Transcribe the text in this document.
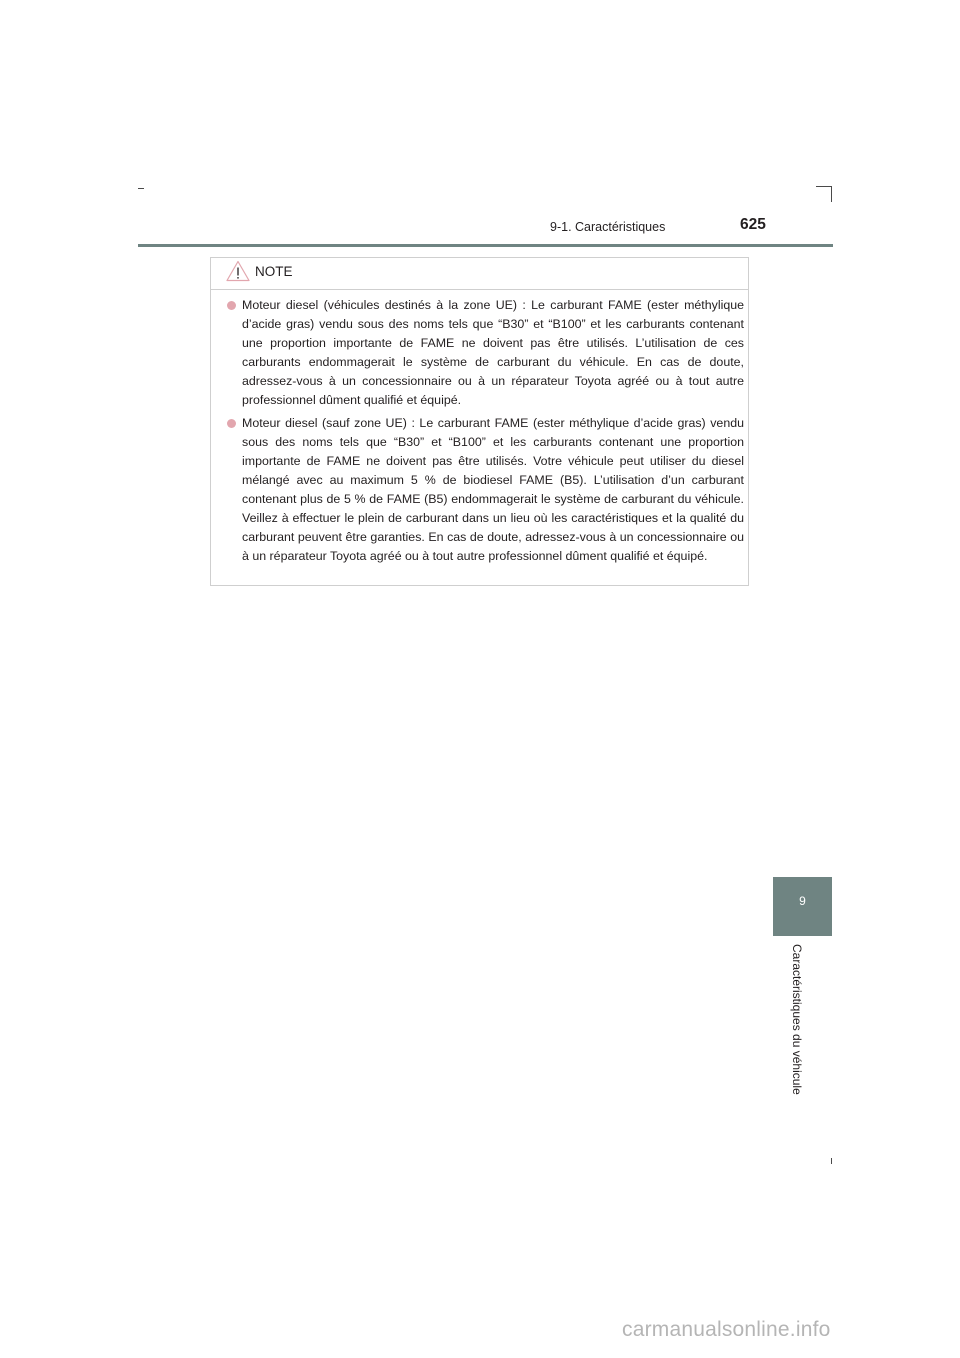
9-1. Caractéristiques	625
NOTE

Moteur diesel (véhicules destinés à la zone UE) : Le carburant FAME (ester méthylique d’acide gras) vendu sous des noms tels que “B30” et “B100” et les carburants contenant une proportion importante de FAME ne doivent pas être utilisés. L’utilisation de ces carburants endommagerait le système de carburant du véhicule. En cas de doute, adressez-vous à un concessionnaire ou à un réparateur Toyota agréé ou à tout autre professionnel dûment qualifié et équipé.

Moteur diesel (sauf zone UE) : Le carburant FAME (ester méthylique d’acide gras) vendu sous des noms tels que “B30” et “B100” et les carburants contenant une proportion importante de FAME ne doivent pas être utilisés. Votre véhicule peut utiliser du diesel mélangé avec au maximum 5 % de biodiesel FAME (B5). L’utilisation d’un carburant contenant plus de 5 % de FAME (B5) endommagerait le système de carburant du véhicule. Veillez à effectuer le plein de carburant dans un lieu où les caractéristiques et la qualité du carburant peuvent être garanties. En cas de doute, adressez-vous à un concessionnaire ou à un réparateur Toyota agréé ou à tout autre professionnel dûment qualifié et équipé.

9
Caractéristiques du véhicule
carmanualsonline.info
